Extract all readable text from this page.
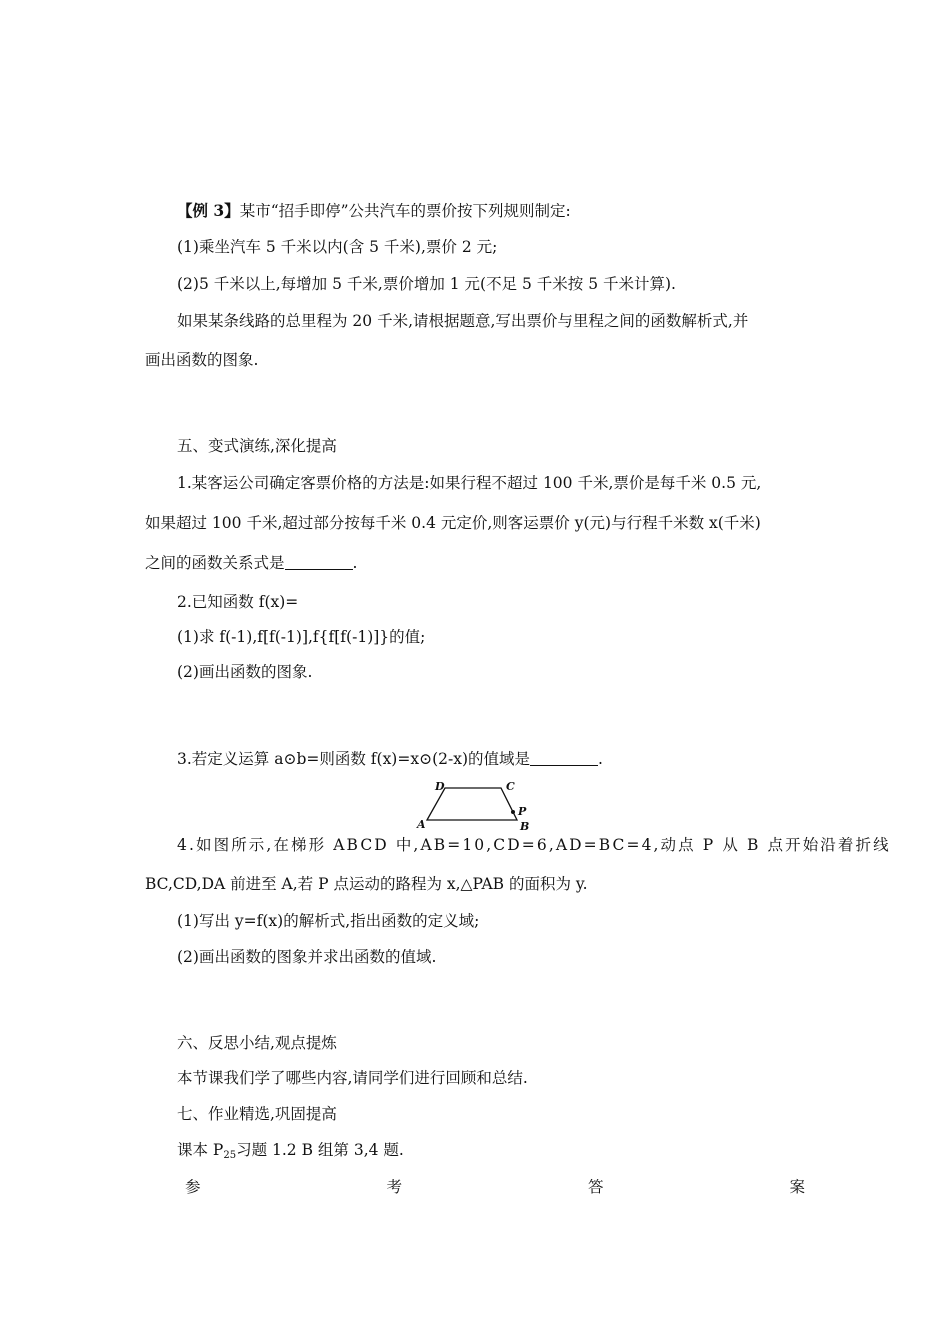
【例 3】某市“招手即停”公共汽车的票价按下列规则制定:
(1)乘坐汽车 5 千米以内(含 5 千米),票价 2 元;
(2)5 千米以上,每增加 5 千米,票价增加 1 元(不足 5 千米按 5 千米计算).
如果某条线路的总里程为 20 千米,请根据题意,写出票价与里程之间的函数解析式,并
画出函数的图象.
五、变式演练,深化提高
1.某客运公司确定客票价格的方法是:如果行程不超过 100 千米,票价是每千米 0.5 元,
如果超过 100 千米,超过部分按每千米 0.4 元定价,则客运票价 y(元)与行程千米数 x(千米)
之间的函数关系式是	.
2.已知函数 f(x)=
(1)求 f(-1),f[f(-1)],f{f[f(-1)]}的值;
(2)画出函数的图象.
3.若定义运算 a⊙b=则函数 f(x)=x⊙(2-x)的值域是	.
A	B
C
D
P
4.如图所示,在梯形 ABCD 中,AB=10,CD=6,AD=BC=4,动点 P 从 B 点开始沿着折线
BC,CD,DA 前进至 A,若 P 点运动的路程为 x,△PAB 的面积为 y.
(1)写出 y=f(x)的解析式,指出函数的定义域;
(2)画出函数的图象并求出函数的值域.
六、反思小结,观点提炼
本节课我们学了哪些内容,请同学们进行回顾和总结.
七、作业精选,巩固提高
课本 $P_{25}$习题 1.2 B 组第 3,4 题.
参	考	答	案
